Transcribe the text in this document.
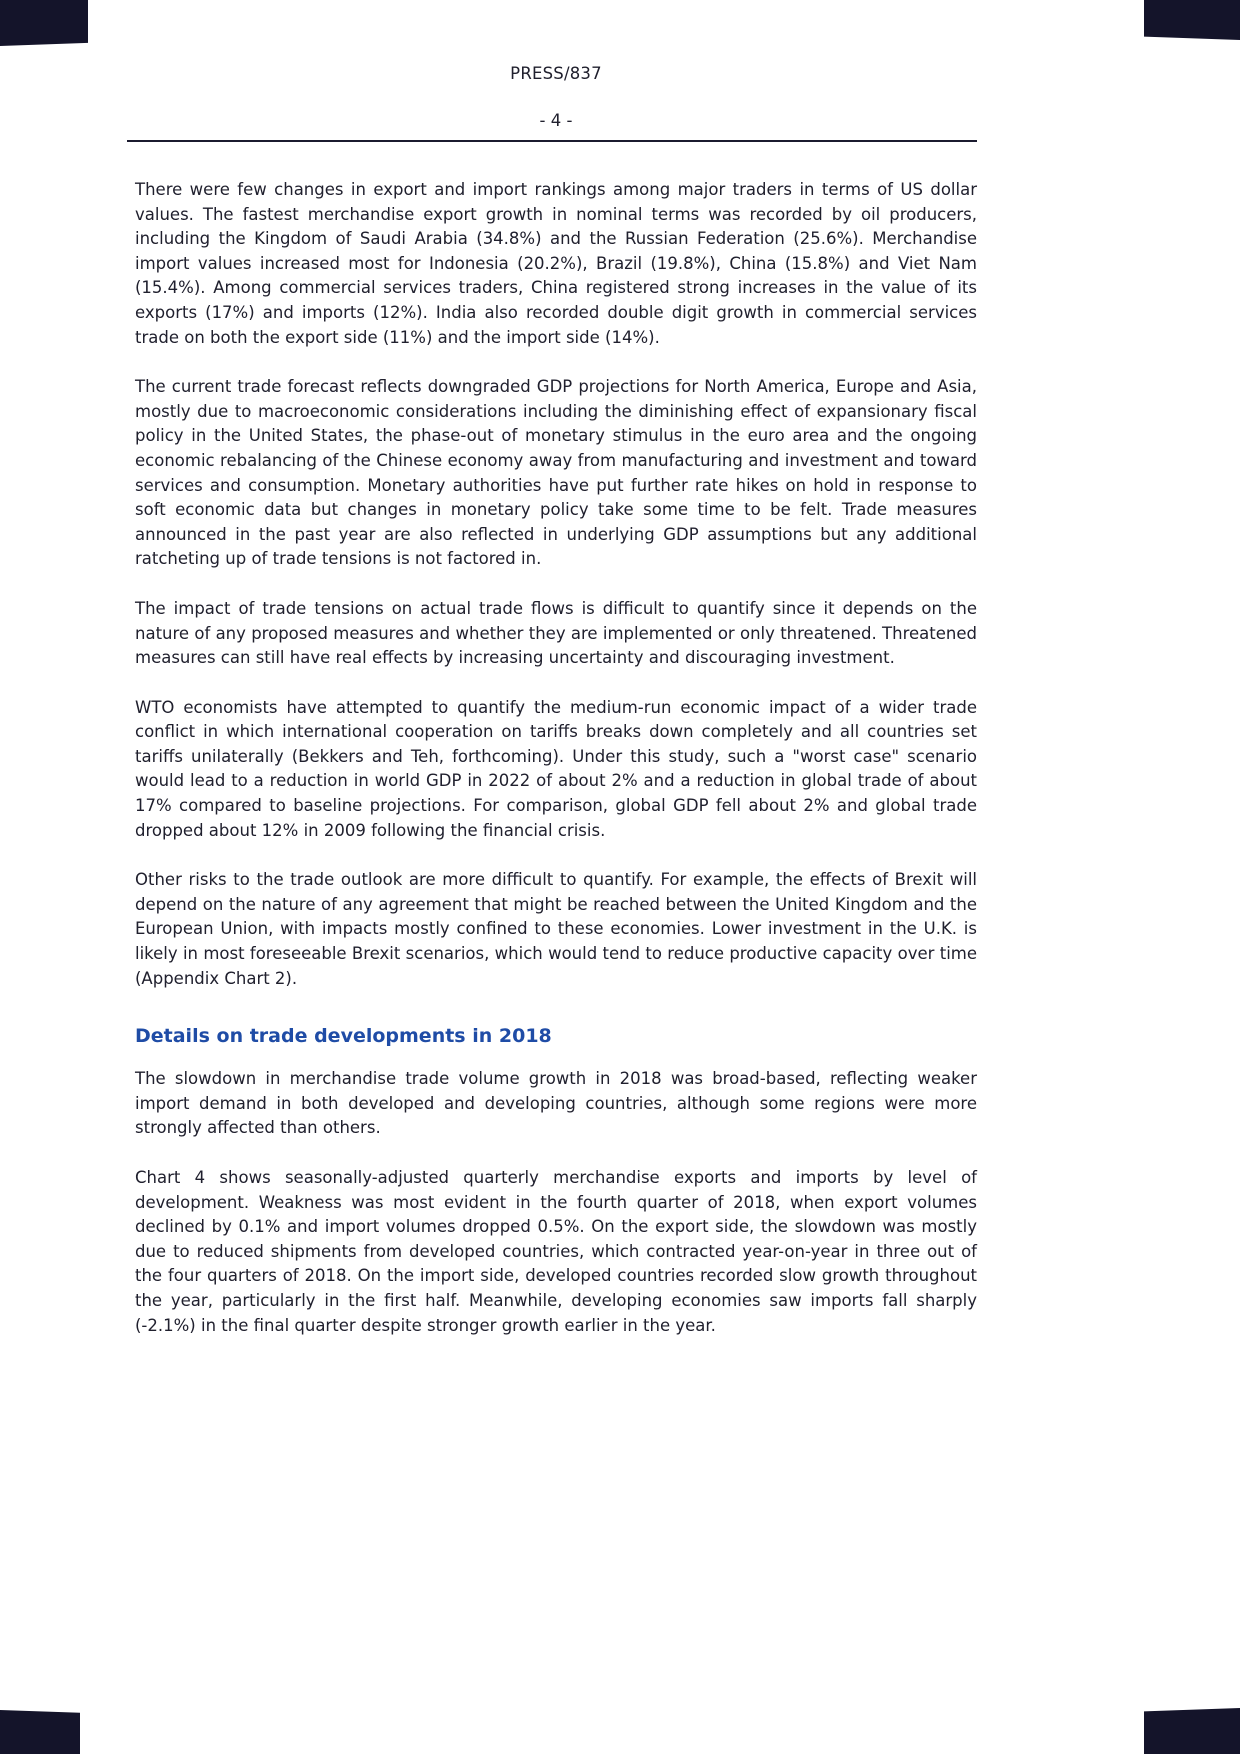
PRESS/837
- 4 -

There were few changes in export and import rankings among major traders in terms of US dollar values. The fastest merchandise export growth in nominal terms was recorded by oil producers, including the Kingdom of Saudi Arabia (34.8%) and the Russian Federation (25.6%). Merchandise import values increased most for Indonesia (20.2%), Brazil (19.8%), China (15.8%) and Viet Nam (15.4%). Among commercial services traders, China registered strong increases in the value of its exports (17%) and imports (12%). India also recorded double digit growth in commercial services trade on both the export side (11%) and the import side (14%).

The current trade forecast reflects downgraded GDP projections for North America, Europe and Asia, mostly due to macroeconomic considerations including the diminishing effect of expansionary fiscal policy in the United States, the phase-out of monetary stimulus in the euro area and the ongoing economic rebalancing of the Chinese economy away from manufacturing and investment and toward services and consumption. Monetary authorities have put further rate hikes on hold in response to soft economic data but changes in monetary policy take some time to be felt. Trade measures announced in the past year are also reflected in underlying GDP assumptions but any additional ratcheting up of trade tensions is not factored in.

The impact of trade tensions on actual trade flows is difficult to quantify since it depends on the nature of any proposed measures and whether they are implemented or only threatened. Threatened measures can still have real effects by increasing uncertainty and discouraging investment.

WTO economists have attempted to quantify the medium-run economic impact of a wider trade conflict in which international cooperation on tariffs breaks down completely and all countries set tariffs unilaterally (Bekkers and Teh, forthcoming). Under this study, such a "worst case" scenario would lead to a reduction in world GDP in 2022 of about 2% and a reduction in global trade of about 17% compared to baseline projections. For comparison, global GDP fell about 2% and global trade dropped about 12% in 2009 following the financial crisis.

Other risks to the trade outlook are more difficult to quantify. For example, the effects of Brexit will depend on the nature of any agreement that might be reached between the United Kingdom and the European Union, with impacts mostly confined to these economies. Lower investment in the U.K. is likely in most foreseeable Brexit scenarios, which would tend to reduce productive capacity over time (Appendix Chart 2).

Details on trade developments in 2018

The slowdown in merchandise trade volume growth in 2018 was broad-based, reflecting weaker import demand in both developed and developing countries, although some regions were more strongly affected than others.

Chart 4 shows seasonally-adjusted quarterly merchandise exports and imports by level of development. Weakness was most evident in the fourth quarter of 2018, when export volumes declined by 0.1% and import volumes dropped 0.5%. On the export side, the slowdown was mostly due to reduced shipments from developed countries, which contracted year-on-year in three out of the four quarters of 2018. On the import side, developed countries recorded slow growth throughout the year, particularly in the first half. Meanwhile, developing economies saw imports fall sharply (-2.1%) in the final quarter despite stronger growth earlier in the year.
